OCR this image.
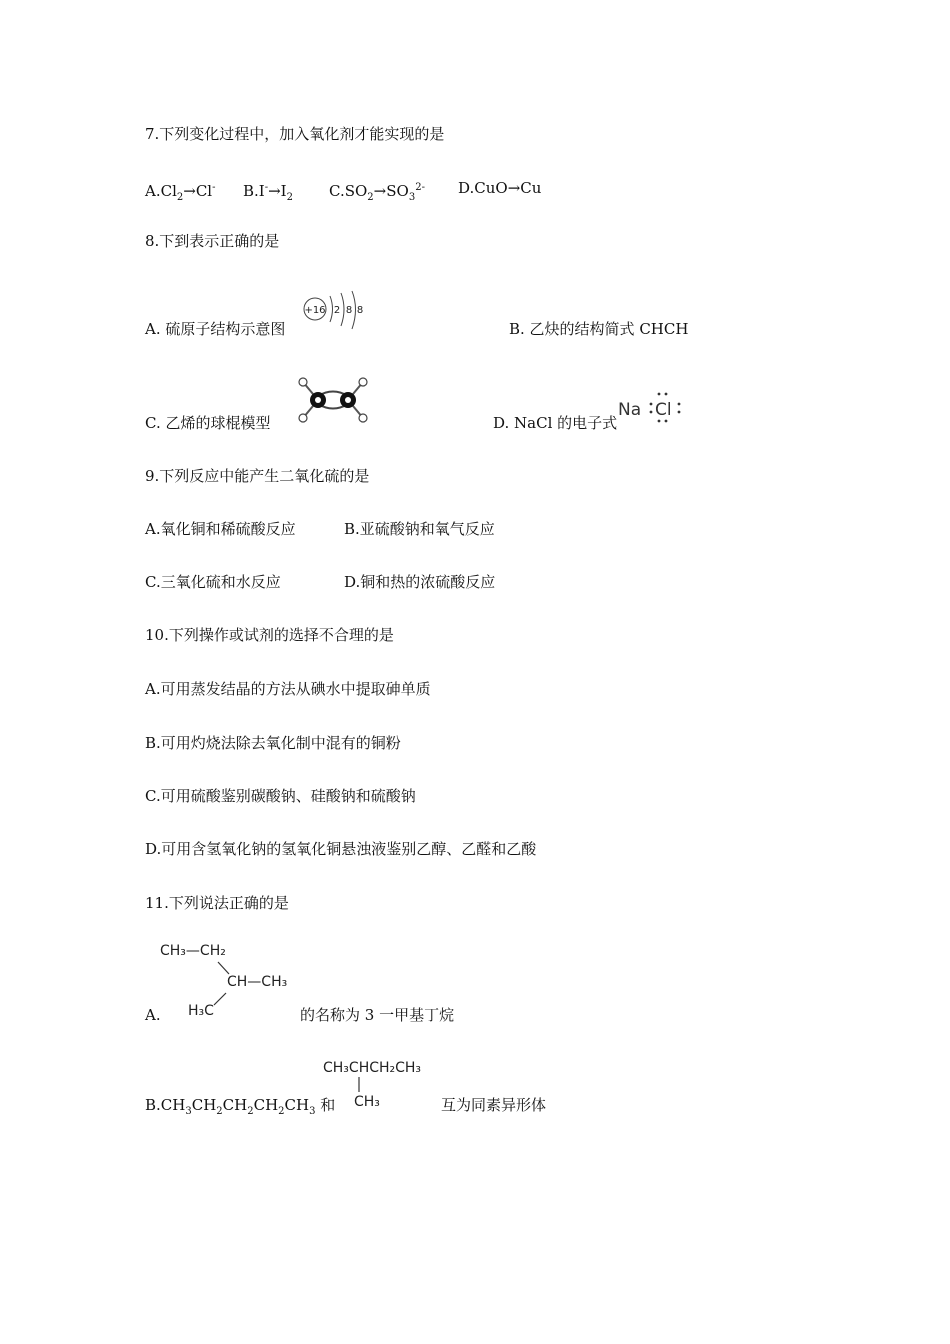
7.下列变化过程中，加入氧化剂才能实现的是
$A.Cl_2\to Cl^-$ $B.I^-\to I_2$ $C.SO_2\to SO_3^{2-}$ D.CuO→Cu
8.下到表示正确的是
A. 硫原子结构示意图
+16 2 8 8
B. 乙炔的结构简式 CHCH
C. 乙烯的球棍模型	D. NaCl 的电子式
Na Cl
9.下列反应中能产生二氧化硫的是
A.氧化铜和稀硫酸反应	B.亚硫酸钠和氧气反应
C.三氧化硫和水反应	D.铜和热的浓硫酸反应
10.下列操作或试剂的选择不合理的是
A.可用蒸发结晶的方法从碘水中提取砷单质
B.可用灼烧法除去氧化制中混有的铜粉
C.可用硫酸鉴别碳酸钠、硅酸钠和硫酸钠
D.可用含氢氧化钠的氢氧化铜悬浊液鉴别乙醇、乙醛和乙酸
11.下列说法正确的是
A.
CH₃—CH₂
CH—CH₃
H₃C	的名称为 3 一甲基丁烷
$B.CH_3CH_2CH_2CH_2CH_3$ 和
CH₃CHCH₂CH₃
CH₃	互为同素异形体
